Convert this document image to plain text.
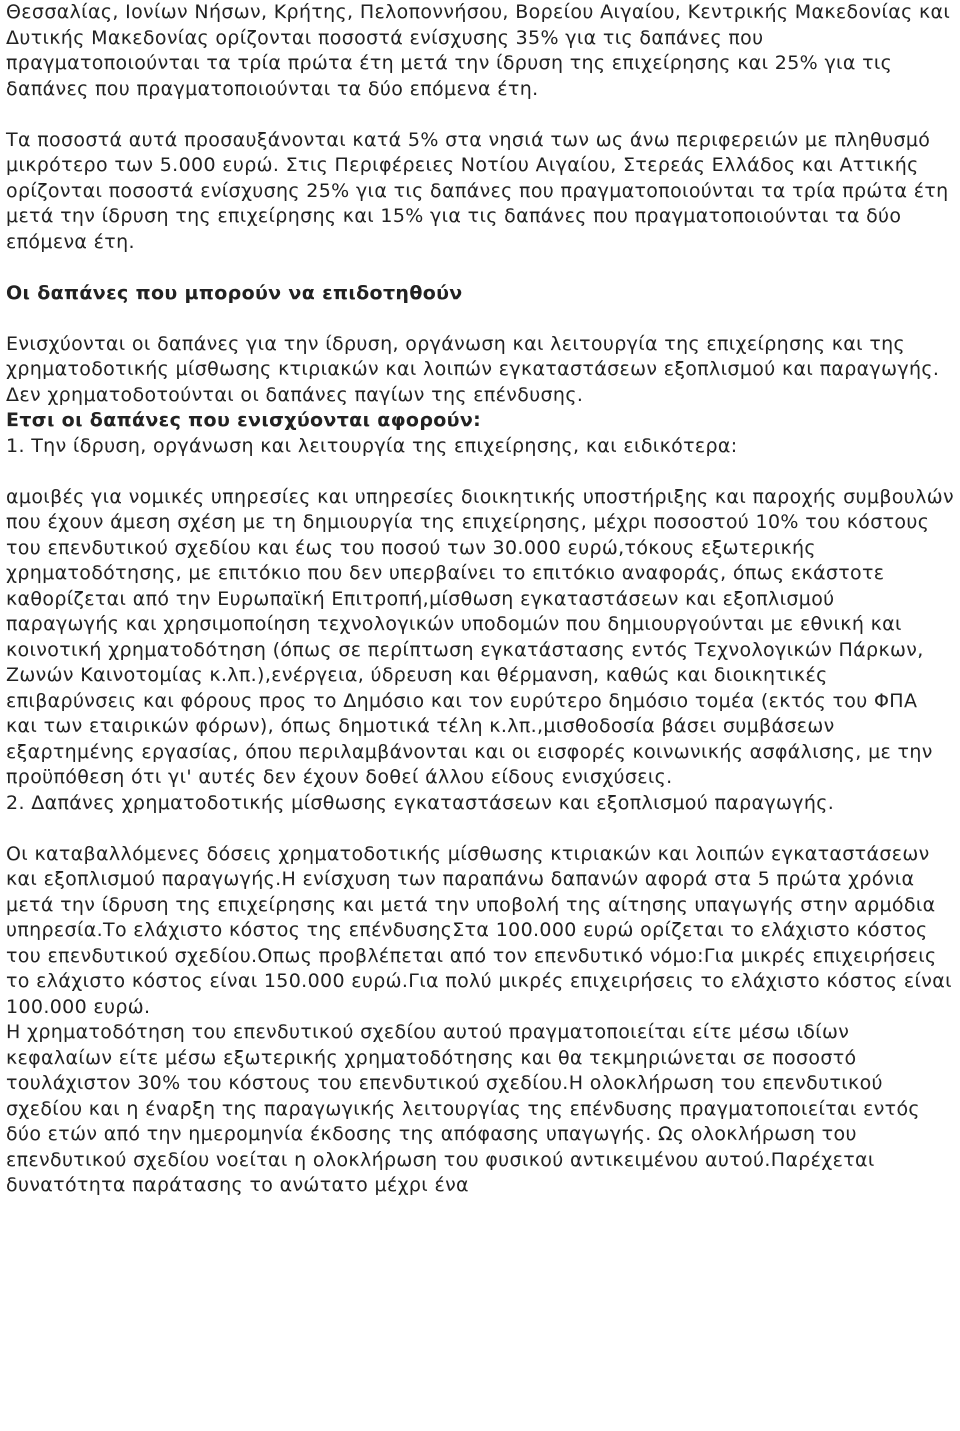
Θεσσαλίας, Ιονίων Νήσων, Κρήτης, Πελοποννήσου, Βορείου Αιγαίου, Κεντρικής Μακεδονίας και Δυτικής Μακεδονίας ορίζονται ποσοστά ενίσχυσης 35% για τις δαπάνες που πραγματοποιούνται τα τρία πρώτα έτη μετά την ίδρυση της επιχείρησης και 25% για τις δαπάνες που πραγματοποιούνται τα δύο επόμενα έτη.

Τα ποσοστά αυτά προσαυξάνονται κατά 5% στα νησιά των ως άνω περιφερειών με πληθυσμό μικρότερο των 5.000 ευρώ. Στις Περιφέρειες Νοτίου Αιγαίου, Στερεάς Ελλάδος και Αττικής ορίζονται ποσοστά ενίσχυσης 25% για τις δαπάνες που πραγματοποιούνται τα τρία πρώτα έτη μετά την ίδρυση της επιχείρησης και 15% για τις δαπάνες που πραγματοποιούνται τα δύο επόμενα έτη.

Οι δαπάνες που μπορούν να επιδοτηθούν

Ενισχύονται οι δαπάνες για την ίδρυση, οργάνωση και λειτουργία της επιχείρησης και της χρηματοδοτικής μίσθωσης κτιριακών και λοιπών εγκαταστάσεων εξοπλισμού και παραγωγής. Δεν χρηματοδοτούνται οι δαπάνες παγίων της επένδυσης.

Ετσι οι δαπάνες που ενισχύονται αφορούν:

1. Την ίδρυση, οργάνωση και λειτουργία της επιχείρησης, και ειδικότερα:

αμοιβές για νομικές υπηρεσίες και υπηρεσίες διοικητικής υποστήριξης και παροχής συμβουλών που έχουν άμεση σχέση με τη δημιουργία της επιχείρησης, μέχρι ποσοστού 10% του κόστους του επενδυτικού σχεδίου και έως του ποσού των 30.000 ευρώ,τόκους εξωτερικής χρηματοδότησης, με επιτόκιο που δεν υπερβαίνει το επιτόκιο αναφοράς, όπως εκάστοτε καθορίζεται από την Ευρωπαϊκή Επιτροπή,μίσθωση εγκαταστάσεων και εξοπλισμού παραγωγής και χρησιμοποίηση τεχνολογικών υποδομών που δημιουργούνται με εθνική και κοινοτική χρηματοδότηση (όπως σε περίπτωση εγκατάστασης εντός Τεχνολογικών Πάρκων, Ζωνών Καινοτομίας κ.λπ.),ενέργεια, ύδρευση και θέρμανση, καθώς και διοικητικές επιβαρύνσεις και φόρους προς το Δημόσιο και τον ευρύτερο δημόσιο τομέα (εκτός του ΦΠΑ και των εταιρικών φόρων), όπως δημοτικά τέλη κ.λπ.,μισθοδοσία βάσει συμβάσεων εξαρτημένης εργασίας, όπου περιλαμβάνονται και οι εισφορές κοινωνικής ασφάλισης, με την προϋπόθεση ότι γι' αυτές δεν έχουν δοθεί άλλου είδους ενισχύσεις.

2. Δαπάνες χρηματοδοτικής μίσθωσης εγκαταστάσεων και εξοπλισμού παραγωγής.

Οι καταβαλλόμενες δόσεις χρηματοδοτικής μίσθωσης κτιριακών και λοιπών εγκαταστάσεων και εξοπλισμού παραγωγής.Η ενίσχυση των παραπάνω δαπανών αφορά στα 5 πρώτα χρόνια μετά την ίδρυση της επιχείρησης και μετά την υποβολή της αίτησης υπαγωγής στην αρμόδια υπηρεσία.Το ελάχιστο κόστος της επένδυσηςΣτα 100.000 ευρώ ορίζεται το ελάχιστο κόστος του επενδυτικού σχεδίου.Οπως προβλέπεται από τον επενδυτικό νόμο:Για μικρές επιχειρήσεις το ελάχιστο κόστος είναι 150.000 ευρώ.Για πολύ μικρές επιχειρήσεις το ελάχιστο κόστος είναι 100.000 ευρώ.

Η χρηματοδότηση του επενδυτικού σχεδίου αυτού πραγματοποιείται είτε μέσω ιδίων κεφαλαίων είτε μέσω εξωτερικής χρηματοδότησης και θα τεκμηριώνεται σε ποσοστό τουλάχιστον 30% του κόστους του επενδυτικού σχεδίου.Η ολοκλήρωση του επενδυτικού σχεδίου και η έναρξη της παραγωγικής λειτουργίας της επένδυσης πραγματοποιείται εντός δύο ετών από την ημερομηνία έκδοσης της απόφασης υπαγωγής. Ως ολοκλήρωση του επενδυτικού σχεδίου νοείται η ολοκλήρωση του φυσικού αντικειμένου αυτού.Παρέχεται δυνατότητα παράτασης το ανώτατο μέχρι ένα
